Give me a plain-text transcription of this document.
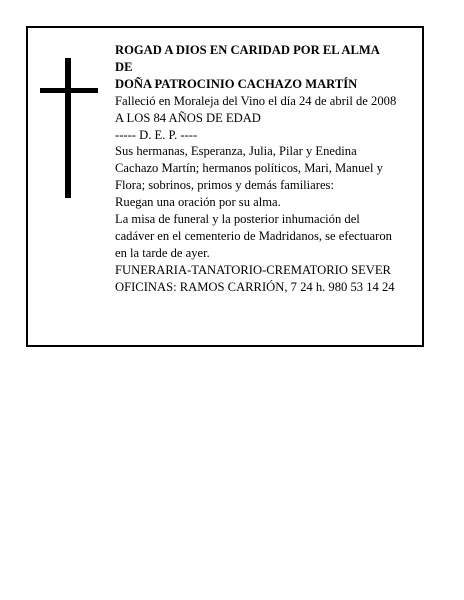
ROGAD A DIOS EN CARIDAD POR EL ALMA
DE
DOÑA PATROCINIO CACHAZO MARTÍN
Falleció en Moraleja del Vino el día 24 de abril de 2008
A LOS 84 AÑOS DE EDAD
----- D. E. P. ----
Sus hermanas, Esperanza, Julia, Pilar y Enedina
Cachazo Martín; hermanos políticos, Mari, Manuel y
Flora; sobrinos, primos y demás familiares:
Ruegan una oración por su alma.
La misa de funeral y la posterior inhumación del
cadáver en el cementerio de Madridanos, se efectuaron
en la tarde de ayer.
FUNERARIA-TANATORIO-CREMATORIO SEVER
OFICINAS: RAMOS CARRIÓN, 7 24 h. 980 53 14 24
